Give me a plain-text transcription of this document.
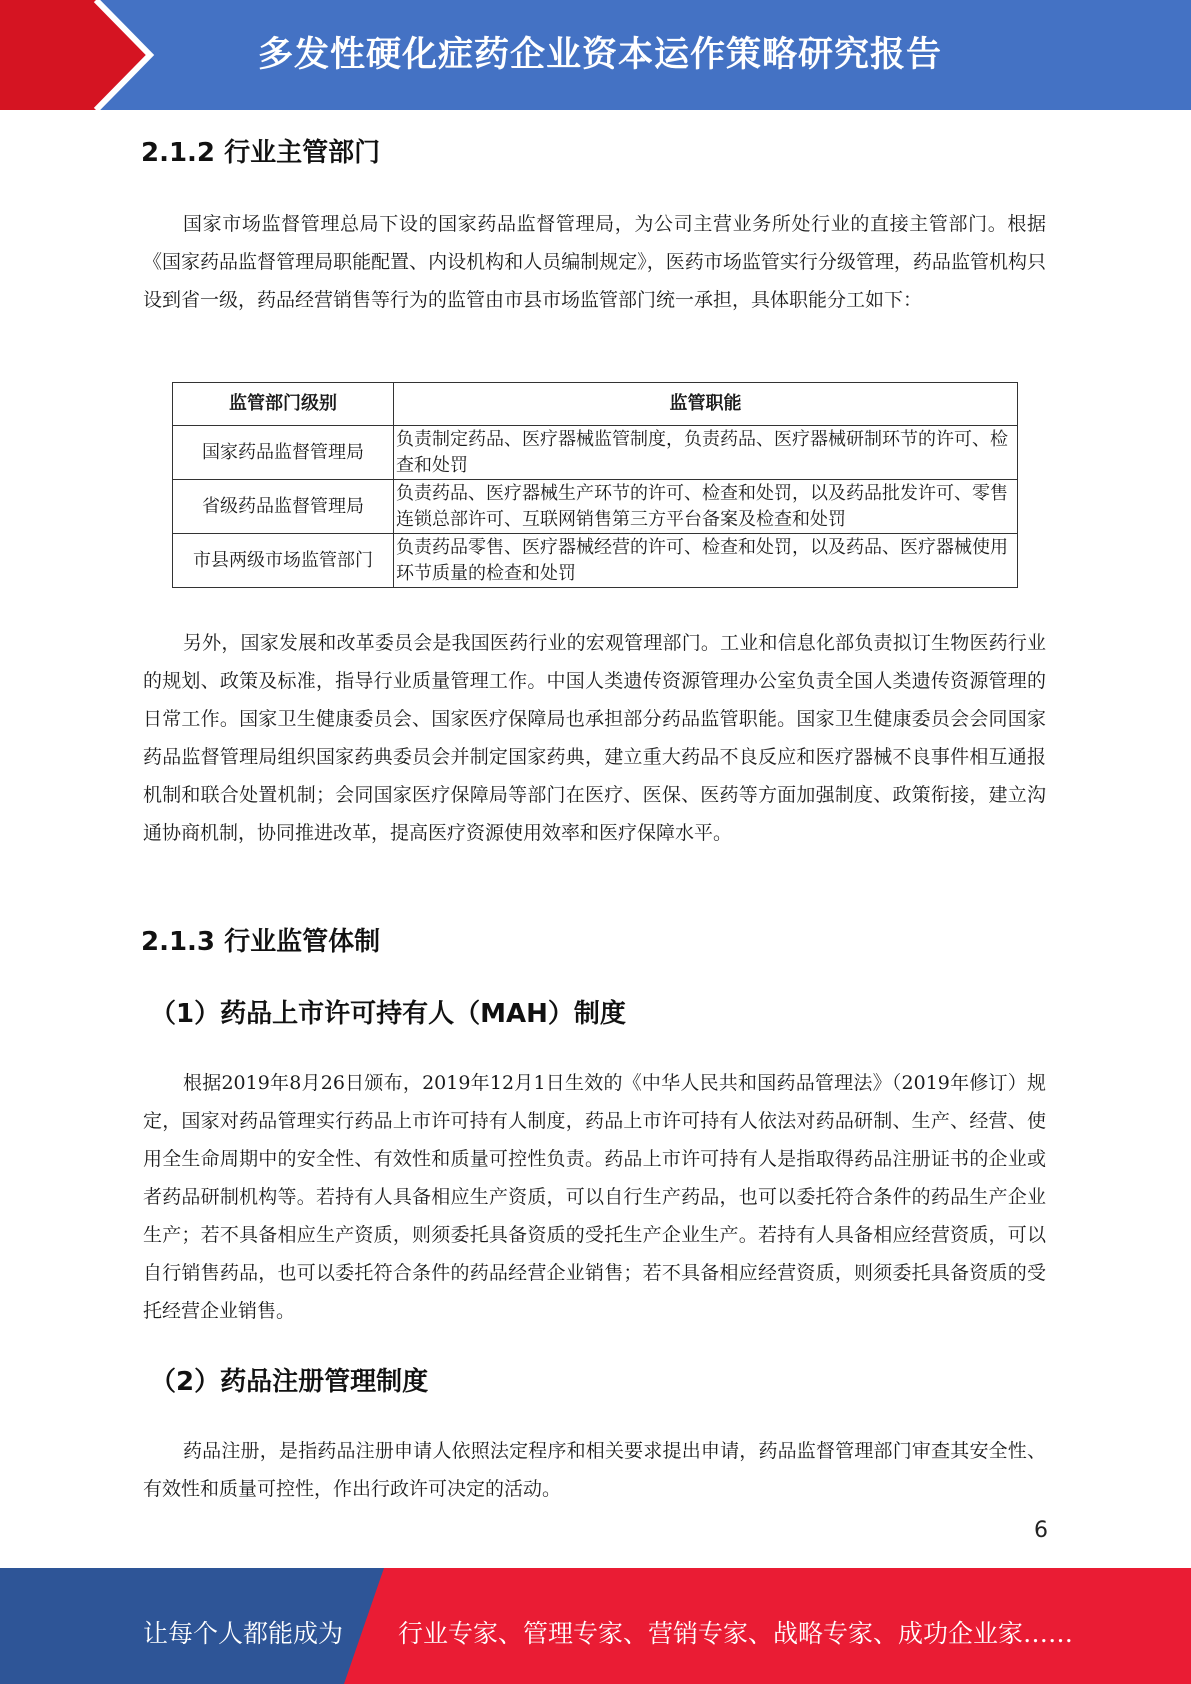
多发性硬化症药企业资本运作策略研究报告
2.1.2 行业主管部门

国家市场监督管理总局下设的国家药品监督管理局，为公司主营业务所处行业的直接主管部门。根据《国家药品监督管理局职能配置、内设机构和人员编制规定》，医药市场监管实行分级管理，药品监管机构只设到省一级，药品经营销售等行为的监管由市县市场监管部门统一承担，具体职能分工如下：

监管部门级别	监管职能
国家药品监督管理局	负责制定药品、医疗器械监管制度，负责药品、医疗器械研制环节的许可、检查和处罚
省级药品监督管理局	负责药品、医疗器械生产环节的许可、检查和处罚，以及药品批发许可、零售连锁总部许可、互联网销售第三方平台备案及检查和处罚
市县两级市场监管部门	负责药品零售、医疗器械经营的许可、检查和处罚，以及药品、医疗器械使用环节质量的检查和处罚

另外，国家发展和改革委员会是我国医药行业的宏观管理部门。工业和信息化部负责拟订生物医药行业的规划、政策及标准，指导行业质量管理工作。中国人类遗传资源管理办公室负责全国人类遗传资源管理的日常工作。国家卫生健康委员会、国家医疗保障局也承担部分药品监管职能。国家卫生健康委员会会同国家药品监督管理局组织国家药典委员会并制定国家药典，建立重大药品不良反应和医疗器械不良事件相互通报机制和联合处置机制；会同国家医疗保障局等部门在医疗、医保、医药等方面加强制度、政策衔接，建立沟通协商机制，协同推进改革，提高医疗资源使用效率和医疗保障水平。

2.1.3 行业监管体制
（1）药品上市许可持有人（MAH）制度

根据2019年8月26日颁布，2019年12月1日生效的《中华人民共和国药品管理法》（2019年修订）规定，国家对药品管理实行药品上市许可持有人制度，药品上市许可持有人依法对药品研制、生产、经营、使用全生命周期中的安全性、有效性和质量可控性负责。药品上市许可持有人是指取得药品注册证书的企业或者药品研制机构等。若持有人具备相应生产资质，可以自行生产药品，也可以委托符合条件的药品生产企业生产；若不具备相应生产资质，则须委托具备资质的受托生产企业生产。若持有人具备相应经营资质，可以自行销售药品，也可以委托符合条件的药品经营企业销售；若不具备相应经营资质，则须委托具备资质的受托经营企业销售。

（2）药品注册管理制度

药品注册，是指药品注册申请人依照法定程序和相关要求提出申请，药品监督管理部门审查其安全性、有效性和质量可控性，作出行政许可决定的活动。

6
让每个人都能成为 行业专家、管理专家、营销专家、战略专家、成功企业家……
